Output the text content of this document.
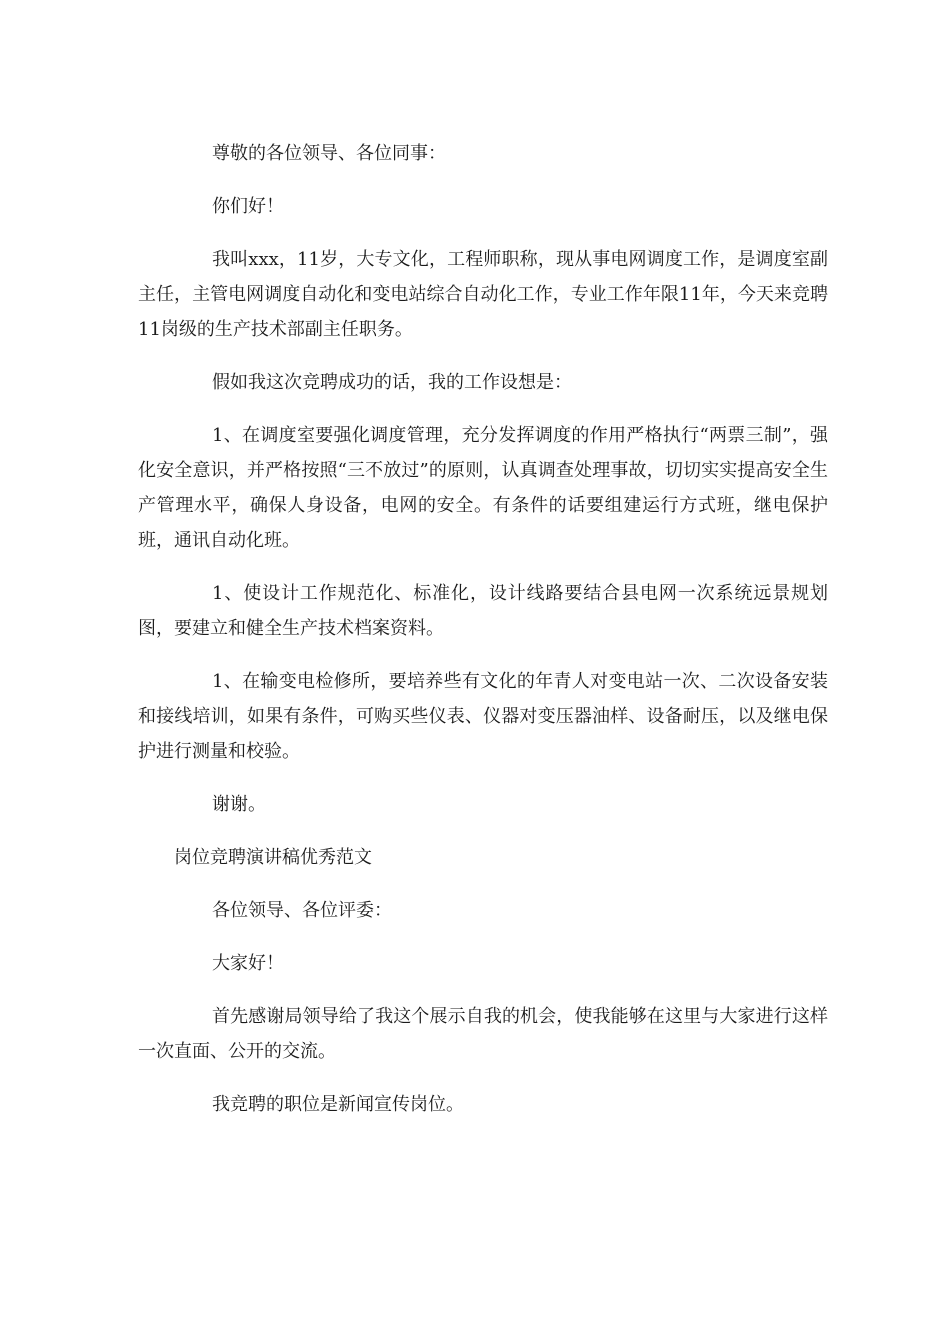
尊敬的各位领导、各位同事：

你们好！

我叫xxx，11岁，大专文化，工程师职称，现从事电网调度工作，是调度室副主任，主管电网调度自动化和变电站综合自动化工作，专业工作年限11年，今天来竞聘11岗级的生产技术部副主任职务。

假如我这次竞聘成功的话，我的工作设想是：

1、在调度室要强化调度管理，充分发挥调度的作用严格执行“两票三制”，强化安全意识，并严格按照“三不放过”的原则，认真调查处理事故，切切实实提高安全生产管理水平，确保人身设备，电网的安全。有条件的话要组建运行方式班，继电保护班，通讯自动化班。

1、使设计工作规范化、标准化，设计线路要结合县电网一次系统远景规划图，要建立和健全生产技术档案资料。

1、在输变电检修所，要培养些有文化的年青人对变电站一次、二次设备安装和接线培训，如果有条件，可购买些仪表、仪器对变压器油样、设备耐压，以及继电保护进行测量和校验。

谢谢。

岗位竞聘演讲稿优秀范文

各位领导、各位评委：

大家好！

首先感谢局领导给了我这个展示自我的机会，使我能够在这里与大家进行这样一次直面、公开的交流。

我竞聘的职位是新闻宣传岗位。
